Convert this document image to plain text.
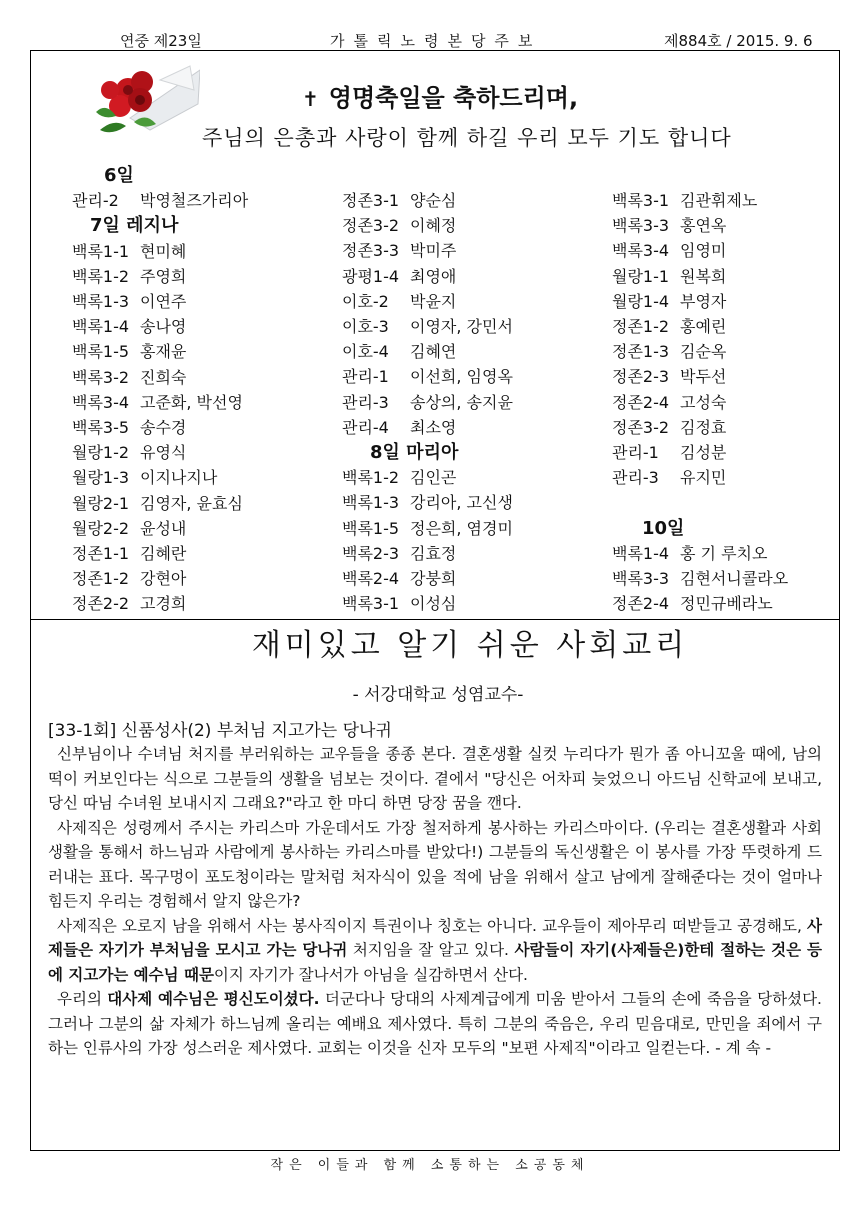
연중 제23일	가톨릭노령본당주보	제884호 / 2015. 9. 6
✝ 영명축일을 축하드리며,
주님의 은총과 사랑이 함께 하길 우리 모두 기도 합니다
6일
관리-2 박영철즈가리아
7일 레지나
백록1-1 현미혜
백록1-2 주영희
백록1-3 이연주
백록1-4 송나영
백록1-5 홍재윤
백록3-2 진희숙
백록3-4 고준화, 박선영
백록3-5 송수경
월랑1-2 유영식
월랑1-3 이지나지나
월랑2-1 김영자, 윤효심
월랑2-2 윤성내
정존1-1 김혜란
정존1-2 강현아
정존2-2 고경희
정존3-1 양순심
정존3-2 이혜정
정존3-3 박미주
광평1-4 최영애
이호-2 박윤지
이호-3 이영자, 강민서
이호-4 김혜연
관리-1 이선희, 임영옥
관리-3 송상의, 송지윤
관리-4 최소영
8일 마리아
백록1-2 김인곤
백록1-3 강리아, 고신생
백록1-5 정은희, 염경미
백록2-3 김효정
백록2-4 강붕희
백록3-1 이성심
백록3-1 김관휘제노
백록3-3 홍연옥
백록3-4 임영미
월랑1-1 원복희
월랑1-4 부영자
정존1-2 홍예린
정존1-3 김순옥
정존2-3 박두선
정존2-4 고성숙
정존3-2 김정효
관리-1 김성분
관리-3 유지민

10일
백록1-4 홍 기 루치오
백록3-3 김현서니콜라오
정존2-4 정민규베라노
재미있고 알기 쉬운 사회교리
- 서강대학교 성염교수-
[33-1회] 신품성사(2) 부처님 지고가는 당나귀

신부님이나 수녀님 처지를 부러워하는 교우들을 종종 본다. 결혼생활 실컷 누리다가 뭔가 좀 아니꼬울 때에, 남의 떡이 커보인다는 식으로 그분들의 생활을 넘보는 것이다. 곁에서 "당신은 어차피 늦었으니 아드님 신학교에 보내고, 당신 따님 수녀원 보내시지 그래요?"라고 한 마디 하면 당장 꿈을 깬다.

사제직은 성령께서 주시는 카리스마 가운데서도 가장 철저하게 봉사하는 카리스마이다. (우리는 결혼생활과 사회생활을 통해서 하느님과 사람에게 봉사하는 카리스마를 받았다!) 그분들의 독신생활은 이 봉사를 가장 뚜렷하게 드러내는 표다. 목구멍이 포도청이라는 말처럼 처자식이 있을 적에 남을 위해서 살고 남에게 잘해준다는 것이 얼마나 힘든지 우리는 경험해서 알지 않은가?

사제직은 오로지 남을 위해서 사는 봉사직이지 특권이나 칭호는 아니다. 교우들이 제아무리 떠받들고 공경해도, 사제들은 자기가 부처님을 모시고 가는 당나귀 처지임을 잘 알고 있다. 사람들이 자기(사제들은)한테 절하는 것은 등에 지고가는 예수님 때문이지 자기가 잘나서가 아님을 실감하면서 산다.

우리의 대사제 예수님은 평신도이셨다. 더군다나 당대의 사제계급에게 미움 받아서 그들의 손에 죽음을 당하셨다. 그러나 그분의 삶 자체가 하느님께 올리는 예배요 제사였다. 특히 그분의 죽음은, 우리 믿음대로, 만민을 죄에서 구하는 인류사의 가장 성스러운 제사였다. 교회는 이것을 신자 모두의 "보편 사제직"이라고 일컫는다. - 계 속 -

작은 이들과 함께 소통하는 소공동체
